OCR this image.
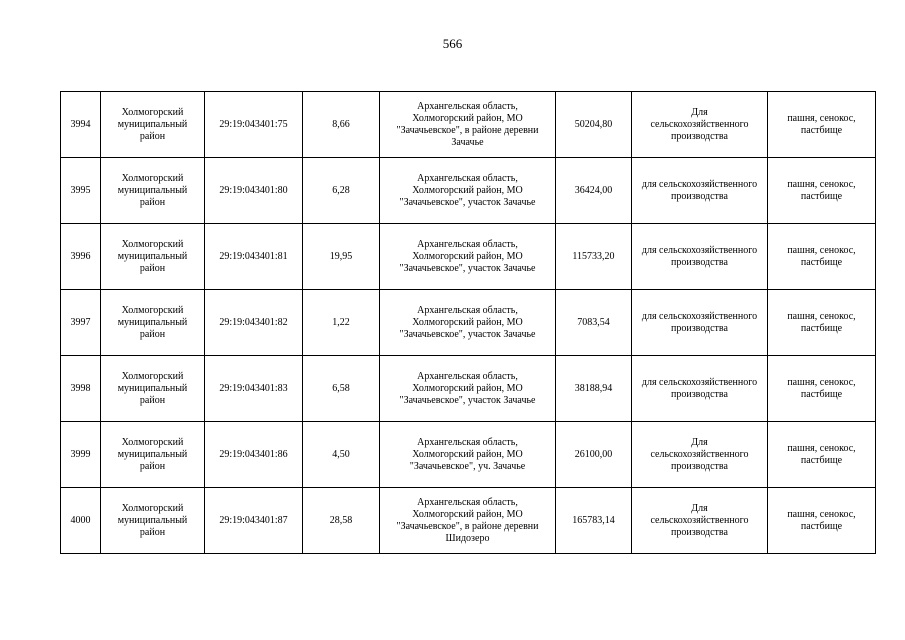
566
3994	Холмогорский
муниципальный
район	29:19:043401:75	8,66	Архангельская область,
Холмогорский район, МО
"Зачачьевское", в районе деревни
Зачачье	50204,80	Для
сельскохозяйственного
производства	пашня, сенокос,
пастбище
3995	Холмогорский
муниципальный
район	29:19:043401:80	6,28	Архангельская область,
Холмогорский район, МО
"Зачачьевское", участок Зачачье	36424,00	для сельскохозяйственного
производства	пашня, сенокос,
пастбище
3996	Холмогорский
муниципальный
район	29:19:043401:81	19,95	Архангельская область,
Холмогорский район, МО
"Зачачьевское", участок Зачачье	115733,20	для сельскохозяйственного
производства	пашня, сенокос,
пастбище
3997	Холмогорский
муниципальный
район	29:19:043401:82	1,22	Архангельская область,
Холмогорский район, МО
"Зачачьевское", участок Зачачье	7083,54	для сельскохозяйственного
производства	пашня, сенокос,
пастбище
3998	Холмогорский
муниципальный
район	29:19:043401:83	6,58	Архангельская область,
Холмогорский район, МО
"Зачачьевское", участок Зачачье	38188,94	для сельскохозяйственного
производства	пашня, сенокос,
пастбище
3999	Холмогорский
муниципальный
район	29:19:043401:86	4,50	Архангельская область,
Холмогорский район, МО
"Зачачьевское", уч. Зачачье	26100,00	Для
сельскохозяйственного
производства	пашня, сенокос,
пастбище
4000	Холмогорский
муниципальный
район	29:19:043401:87	28,58	Архангельская область,
Холмогорский район, МО
"Зачачьевское", в районе деревни
Шидозеро	165783,14	Для
сельскохозяйственного
производства	пашня, сенокос,
пастбище
